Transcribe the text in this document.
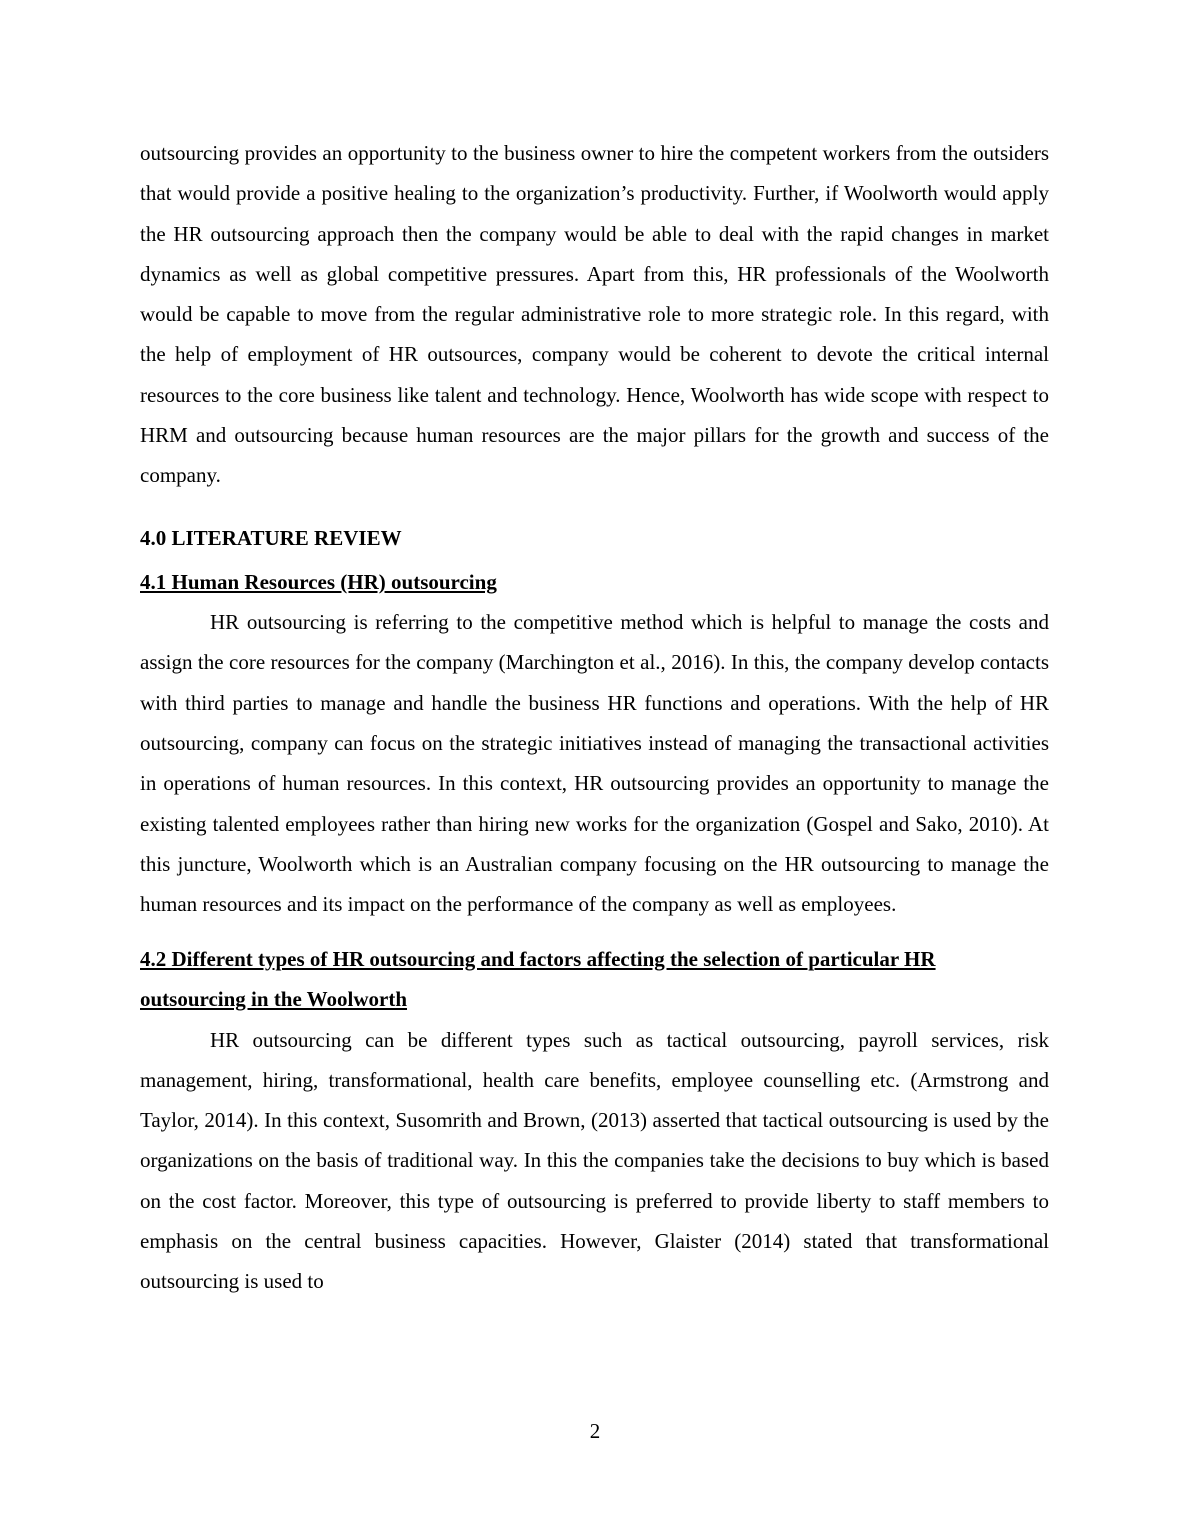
outsourcing provides an opportunity to the business owner to hire the competent workers from the outsiders that would provide a positive healing to the organization’s productivity. Further, if Woolworth would apply the HR outsourcing approach then the company would be able to deal with the rapid changes in market dynamics as well as global competitive pressures. Apart from this, HR professionals of the Woolworth would be capable to move from the regular administrative role to more strategic role. In this regard, with the help of employment of HR outsources, company would be coherent to devote the critical internal resources to the core business like talent and technology. Hence, Woolworth has wide scope with respect to HRM and outsourcing because human resources are the major pillars for the growth and success of the company.

4.0 LITERATURE REVIEW
4.1 Human Resources (HR) outsourcing

HR outsourcing is referring to the competitive method which is helpful to manage the costs and assign the core resources for the company (Marchington et al., 2016). In this, the company develop contacts with third parties to manage and handle the business HR functions and operations. With the help of HR outsourcing, company can focus on the strategic initiatives instead of managing the transactional activities in operations of human resources. In this context, HR outsourcing provides an opportunity to manage the existing talented employees rather than hiring new works for the organization (Gospel and Sako, 2010). At this juncture, Woolworth which is an Australian company focusing on the HR outsourcing to manage the human resources and its impact on the performance of the company as well as employees.

4.2 Different types of HR outsourcing and factors affecting the selection of particular HR outsourcing in the Woolworth

HR outsourcing can be different types such as tactical outsourcing, payroll services, risk management, hiring, transformational, health care benefits, employee counselling etc. (Armstrong and Taylor, 2014). In this context, Susomrith and Brown, (2013) asserted that tactical outsourcing is used by the organizations on the basis of traditional way. In this the companies take the decisions to buy which is based on the cost factor. Moreover, this type of outsourcing is preferred to provide liberty to staff members to emphasis on the central business capacities. However, Glaister (2014) stated that transformational outsourcing is used to

2
